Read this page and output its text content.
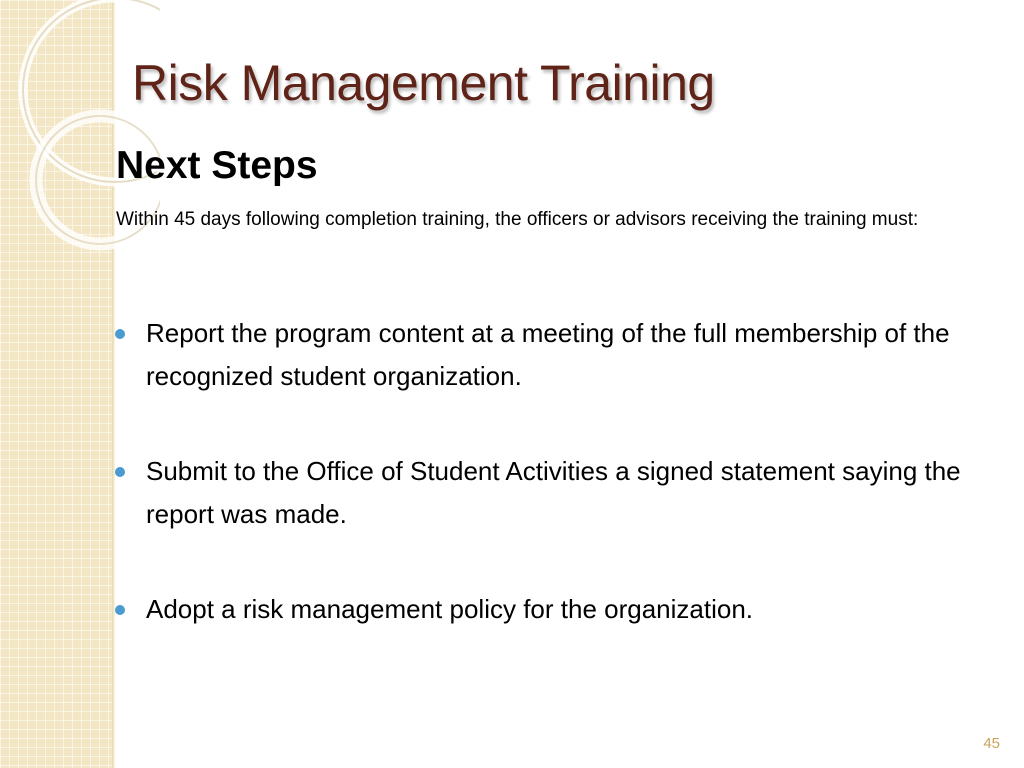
Risk Management Training
Next Steps

Within 45 days following completion training, the officers or advisors receiving the training must:

Report the program content at a meeting of the full membership of the recognized student organization.
Submit to the Office of Student Activities a signed statement saying the report was made.
Adopt a risk management policy for the organization.
45
